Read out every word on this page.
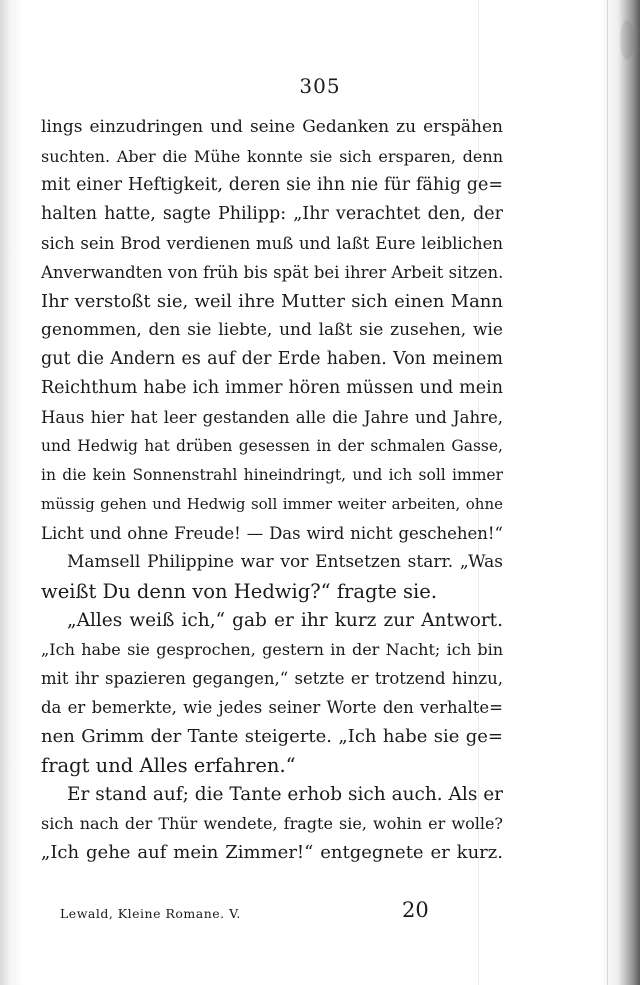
305
lings einzudringen und seine Gedanken zu erspähen
suchten. Aber die Mühe konnte sie sich ersparen, denn
mit einer Heftigkeit, deren sie ihn nie für fähig ge=
halten hatte, sagte Philipp: „Ihr verachtet den, der
sich sein Brod verdienen muß und laßt Eure leiblichen
Anverwandten von früh bis spät bei ihrer Arbeit sitzen.
Ihr verstoßt sie, weil ihre Mutter sich einen Mann
genommen, den sie liebte, und laßt sie zusehen, wie
gut die Andern es auf der Erde haben. Von meinem
Reichthum habe ich immer hören müssen und mein
Haus hier hat leer gestanden alle die Jahre und Jahre,
und Hedwig hat drüben gesessen in der schmalen Gasse,
in die kein Sonnenstrahl hineindringt, und ich soll immer
müssig gehen und Hedwig soll immer weiter arbeiten, ohne
Licht und ohne Freude! — Das wird nicht geschehen!“
Mamsell Philippine war vor Entsetzen starr. „Was
weißt Du denn von Hedwig?“ fragte sie.
„Alles weiß ich,“ gab er ihr kurz zur Antwort.
„Ich habe sie gesprochen, gestern in der Nacht; ich bin
mit ihr spazieren gegangen,“ setzte er trotzend hinzu,
da er bemerkte, wie jedes seiner Worte den verhalte=
nen Grimm der Tante steigerte. „Ich habe sie ge=
fragt und Alles erfahren.“
Er stand auf; die Tante erhob sich auch. Als er
sich nach der Thür wendete, fragte sie, wohin er wolle?
„Ich gehe auf mein Zimmer!“ entgegnete er kurz.
Lewald, Kleine Romane. V.	20
